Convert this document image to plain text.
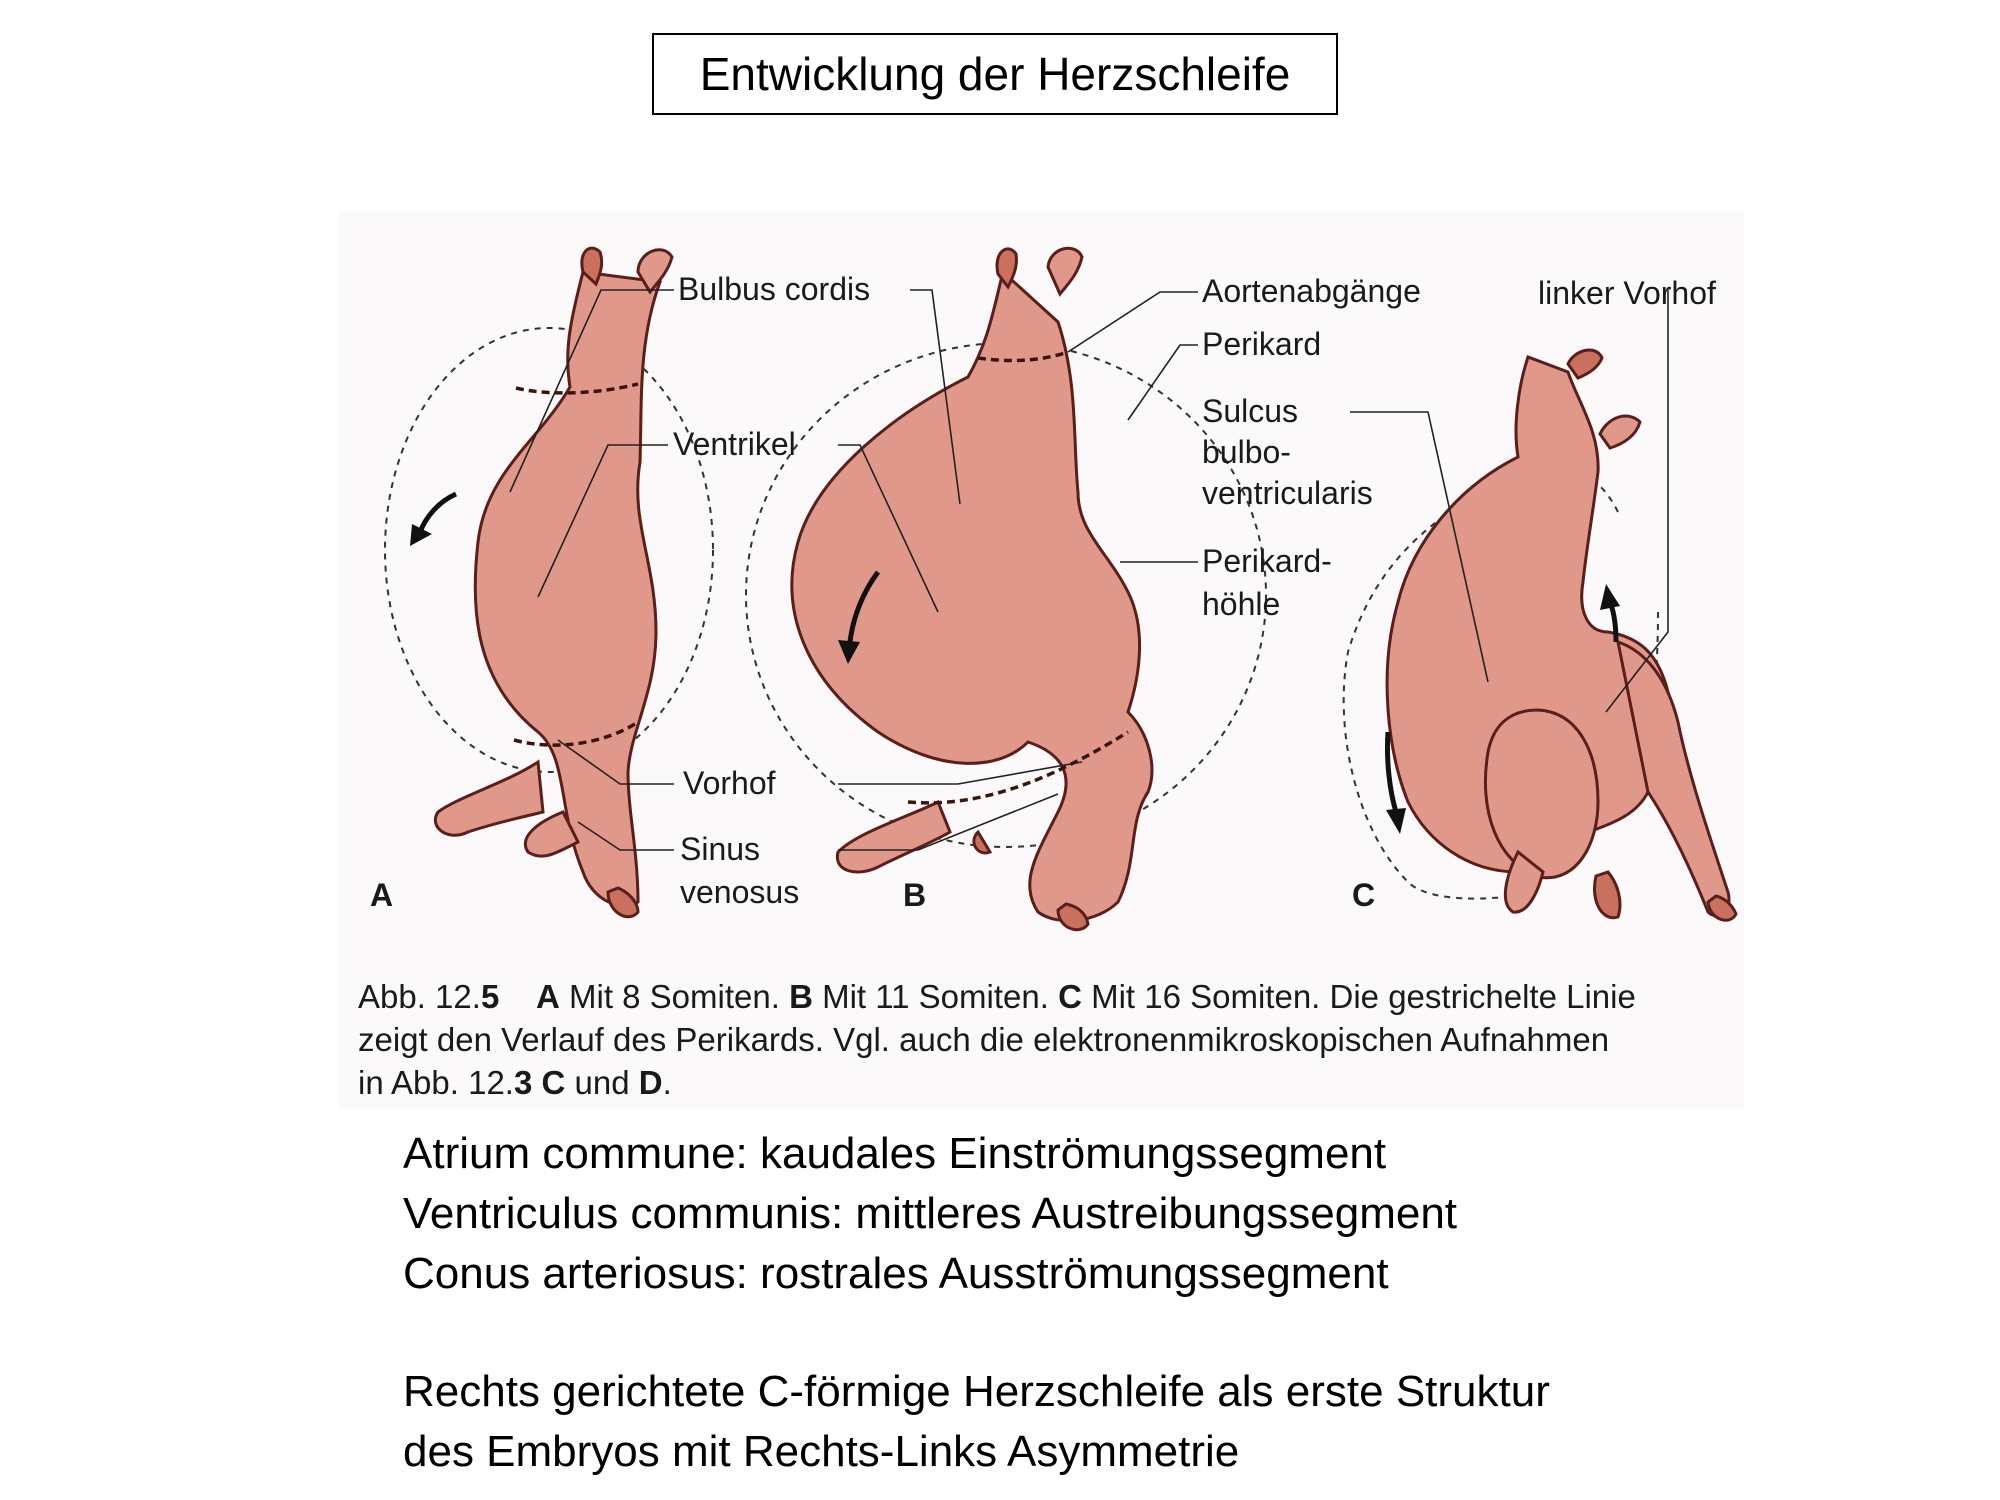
Entwicklung der Herzschleife
Bulbus cordis
Ventrikel
Vorhof
Sinus
venosus
Aortenabgänge
Perikard
Sulcus
bulbo-
ventricularis
Perikard-
höhle
linker Vorhof
A	B	C
Abb. 12.5 A Mit 8 Somiten. B Mit 11 Somiten. C Mit 16 Somiten. Die gestrichelte Linie
zeigt den Verlauf des Perikards. Vgl. auch die elektronenmikroskopischen Aufnahmen
in Abb. 12.3 C und D.
Atrium commune: kaudales Einströmungssegment
Ventriculus communis: mittleres Austreibungssegment
Conus arteriosus: rostrales Ausströmungssegment
Rechts gerichtete C-förmige Herzschleife als erste Struktur
des Embryos mit Rechts-Links Asymmetrie
